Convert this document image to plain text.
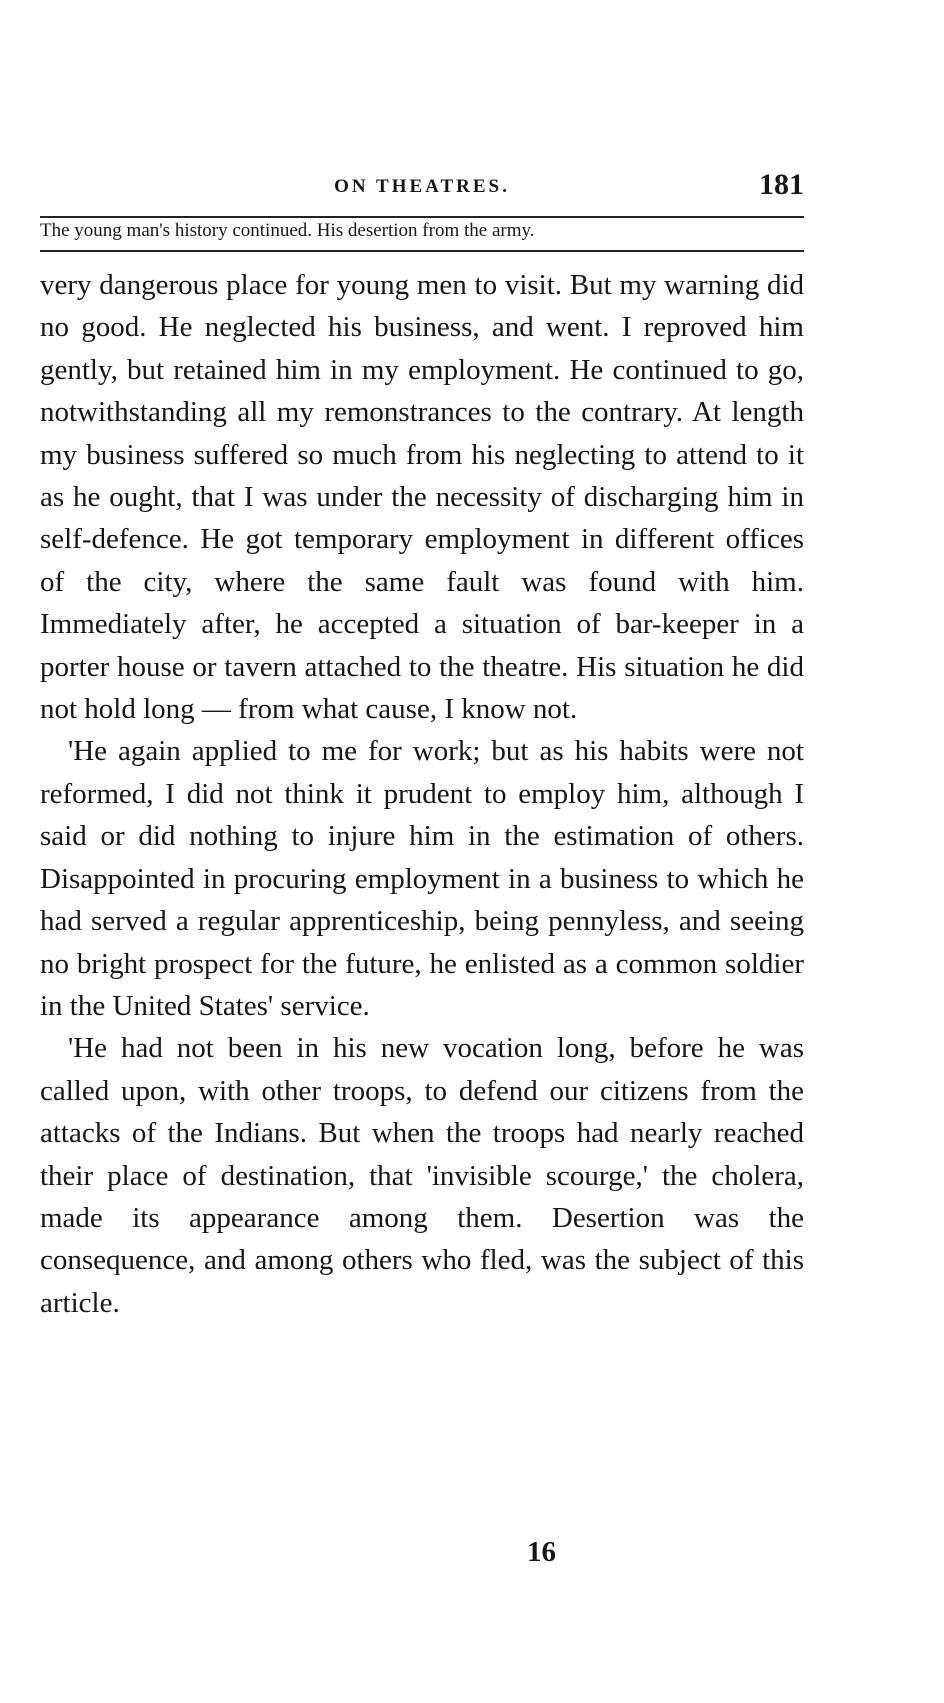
ON THEATRES.	181
The young man's history continued. His desertion from the army.

very dangerous place for young men to visit. But my warning did no good. He neglected his business, and went. I reproved him gently, but retained him in my employment. He continued to go, notwithstanding all my remonstrances to the contrary. At length my business suffered so much from his neglecting to attend to it as he ought, that I was under the necessity of discharging him in self-defence. He got temporary employment in different offices of the city, where the same fault was found with him. Immediately after, he accepted a situation of bar-keeper in a porter house or tavern attached to the theatre. His situation he did not hold long — from what cause, I know not.

'He again applied to me for work; but as his habits were not reformed, I did not think it prudent to employ him, although I said or did nothing to injure him in the estimation of others. Disappointed in procuring employment in a business to which he had served a regular apprenticeship, being pennyless, and seeing no bright prospect for the future, he enlisted as a common soldier in the United States' service.

'He had not been in his new vocation long, before he was called upon, with other troops, to defend our citizens from the attacks of the Indians. But when the troops had nearly reached their place of destination, that 'invisible scourge,' the cholera, made its appearance among them. Desertion was the consequence, and among others who fled, was the subject of this article.

16
